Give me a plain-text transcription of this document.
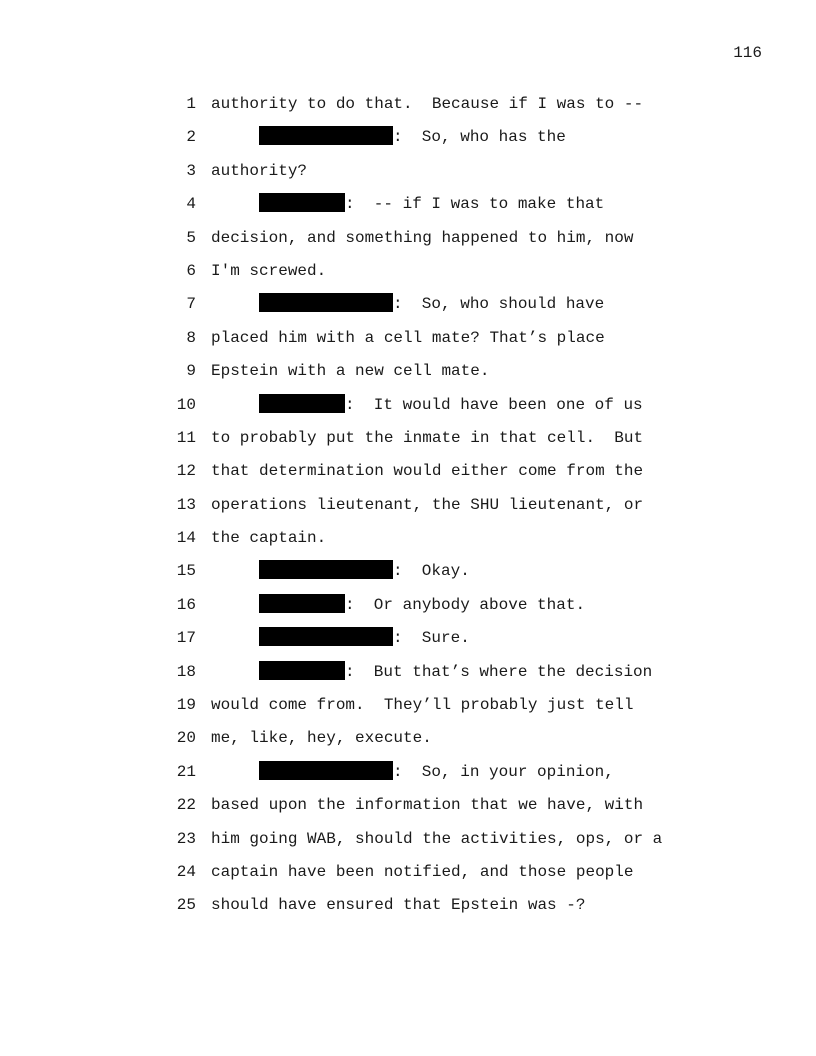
116
1 authority to do that.  Because if I was to --
2	:  So, who has the
3 authority?
4	:  -- if I was to make that
5 decision, and something happened to him, now
6 I'm screwed.
7	:  So, who should have
8 placed him with a cell mate? That’s place
9 Epstein with a new cell mate.
10	:  It would have been one of us
11 to probably put the inmate in that cell.  But
12 that determination would either come from the
13 operations lieutenant, the SHU lieutenant, or
14 the captain.
15	:  Okay.
16	:  Or anybody above that.
17	:  Sure.
18	:  But that’s where the decision
19 would come from.  They’ll probably just tell
20 me, like, hey, execute.
21	:  So, in your opinion,
22 based upon the information that we have, with
23 him going WAB, should the activities, ops, or a
24 captain have been notified, and those people
25 should have ensured that Epstein was -?
